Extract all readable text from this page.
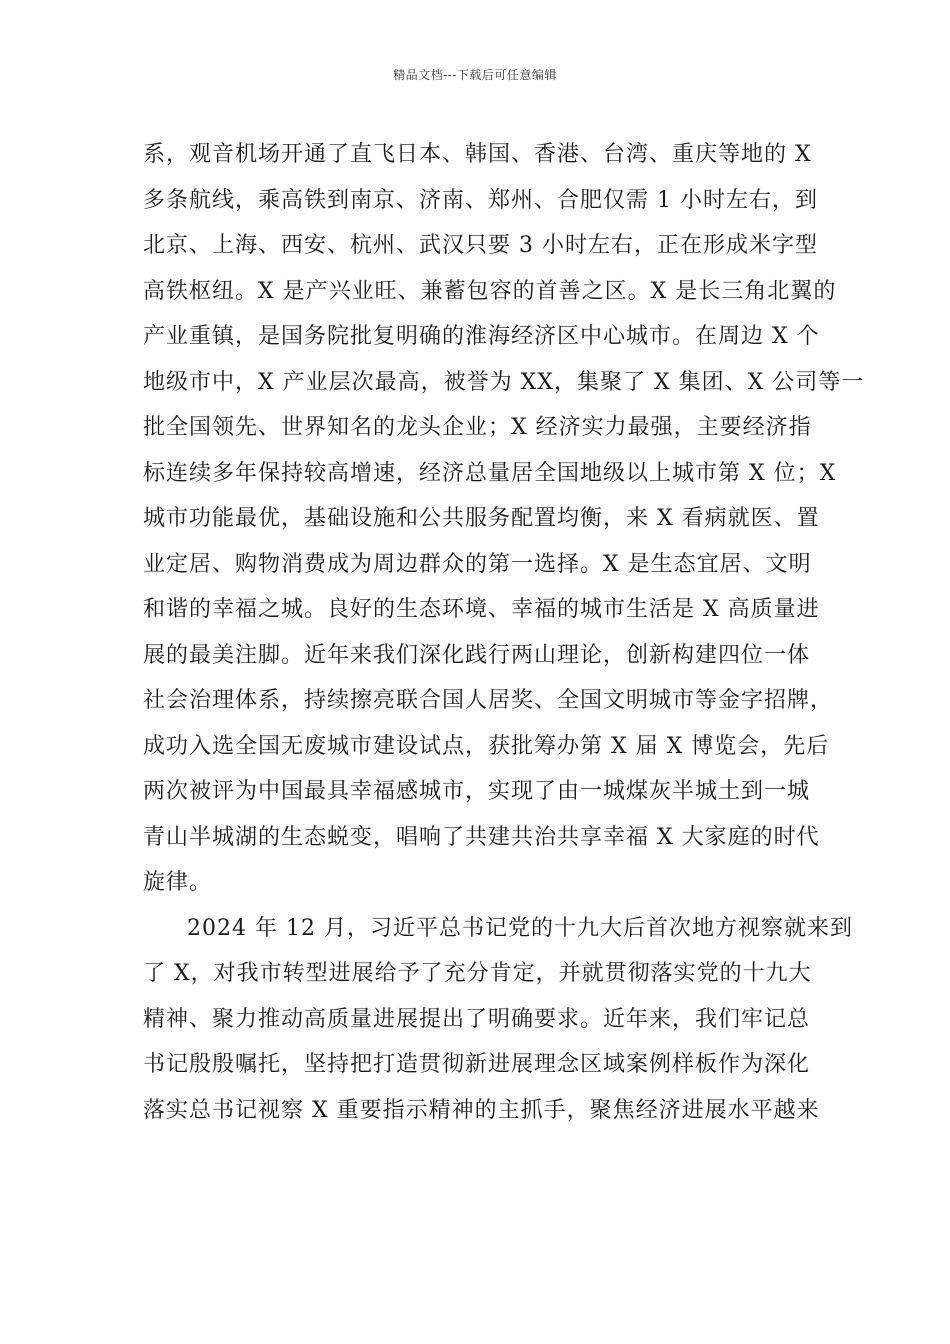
精品文档---下载后可任意编辑
系，观音机场开通了直飞日本、韩国、香港、台湾、重庆等地的 X
多条航线，乘高铁到南京、济南、郑州、合肥仅需 1 小时左右，到
北京、上海、西安、杭州、武汉只要 3 小时左右，正在形成米字型
高铁枢纽。X 是产兴业旺、兼蓄包容的首善之区。X 是长三角北翼的
产业重镇，是国务院批复明确的淮海经济区中心城市。在周边 X 个
地级市中，X 产业层次最高，被誉为 XX，集聚了 X 集团、X 公司等一
批全国领先、世界知名的龙头企业；X 经济实力最强，主要经济指
标连续多年保持较高增速，经济总量居全国地级以上城市第 X 位；X
城市功能最优，基础设施和公共服务配置均衡，来 X 看病就医、置
业定居、购物消费成为周边群众的第一选择。X 是生态宜居、文明
和谐的幸福之城。良好的生态环境、幸福的城市生活是 X 高质量进
展的最美注脚。近年来我们深化践行两山理论，创新构建四位一体
社会治理体系，持续擦亮联合国人居奖、全国文明城市等金字招牌，
成功入选全国无废城市建设试点，获批筹办第 X 届 X 博览会，先后
两次被评为中国最具幸福感城市，实现了由一城煤灰半城土到一城
青山半城湖的生态蜕变，唱响了共建共治共享幸福 X 大家庭的时代
旋律。
2024 年 12 月，习近平总书记党的十九大后首次地方视察就来到
了 X，对我市转型进展给予了充分肯定，并就贯彻落实党的十九大
精神、聚力推动高质量进展提出了明确要求。近年来，我们牢记总
书记殷殷嘱托，坚持把打造贯彻新进展理念区域案例样板作为深化
落实总书记视察 X 重要指示精神的主抓手，聚焦经济进展水平越来
